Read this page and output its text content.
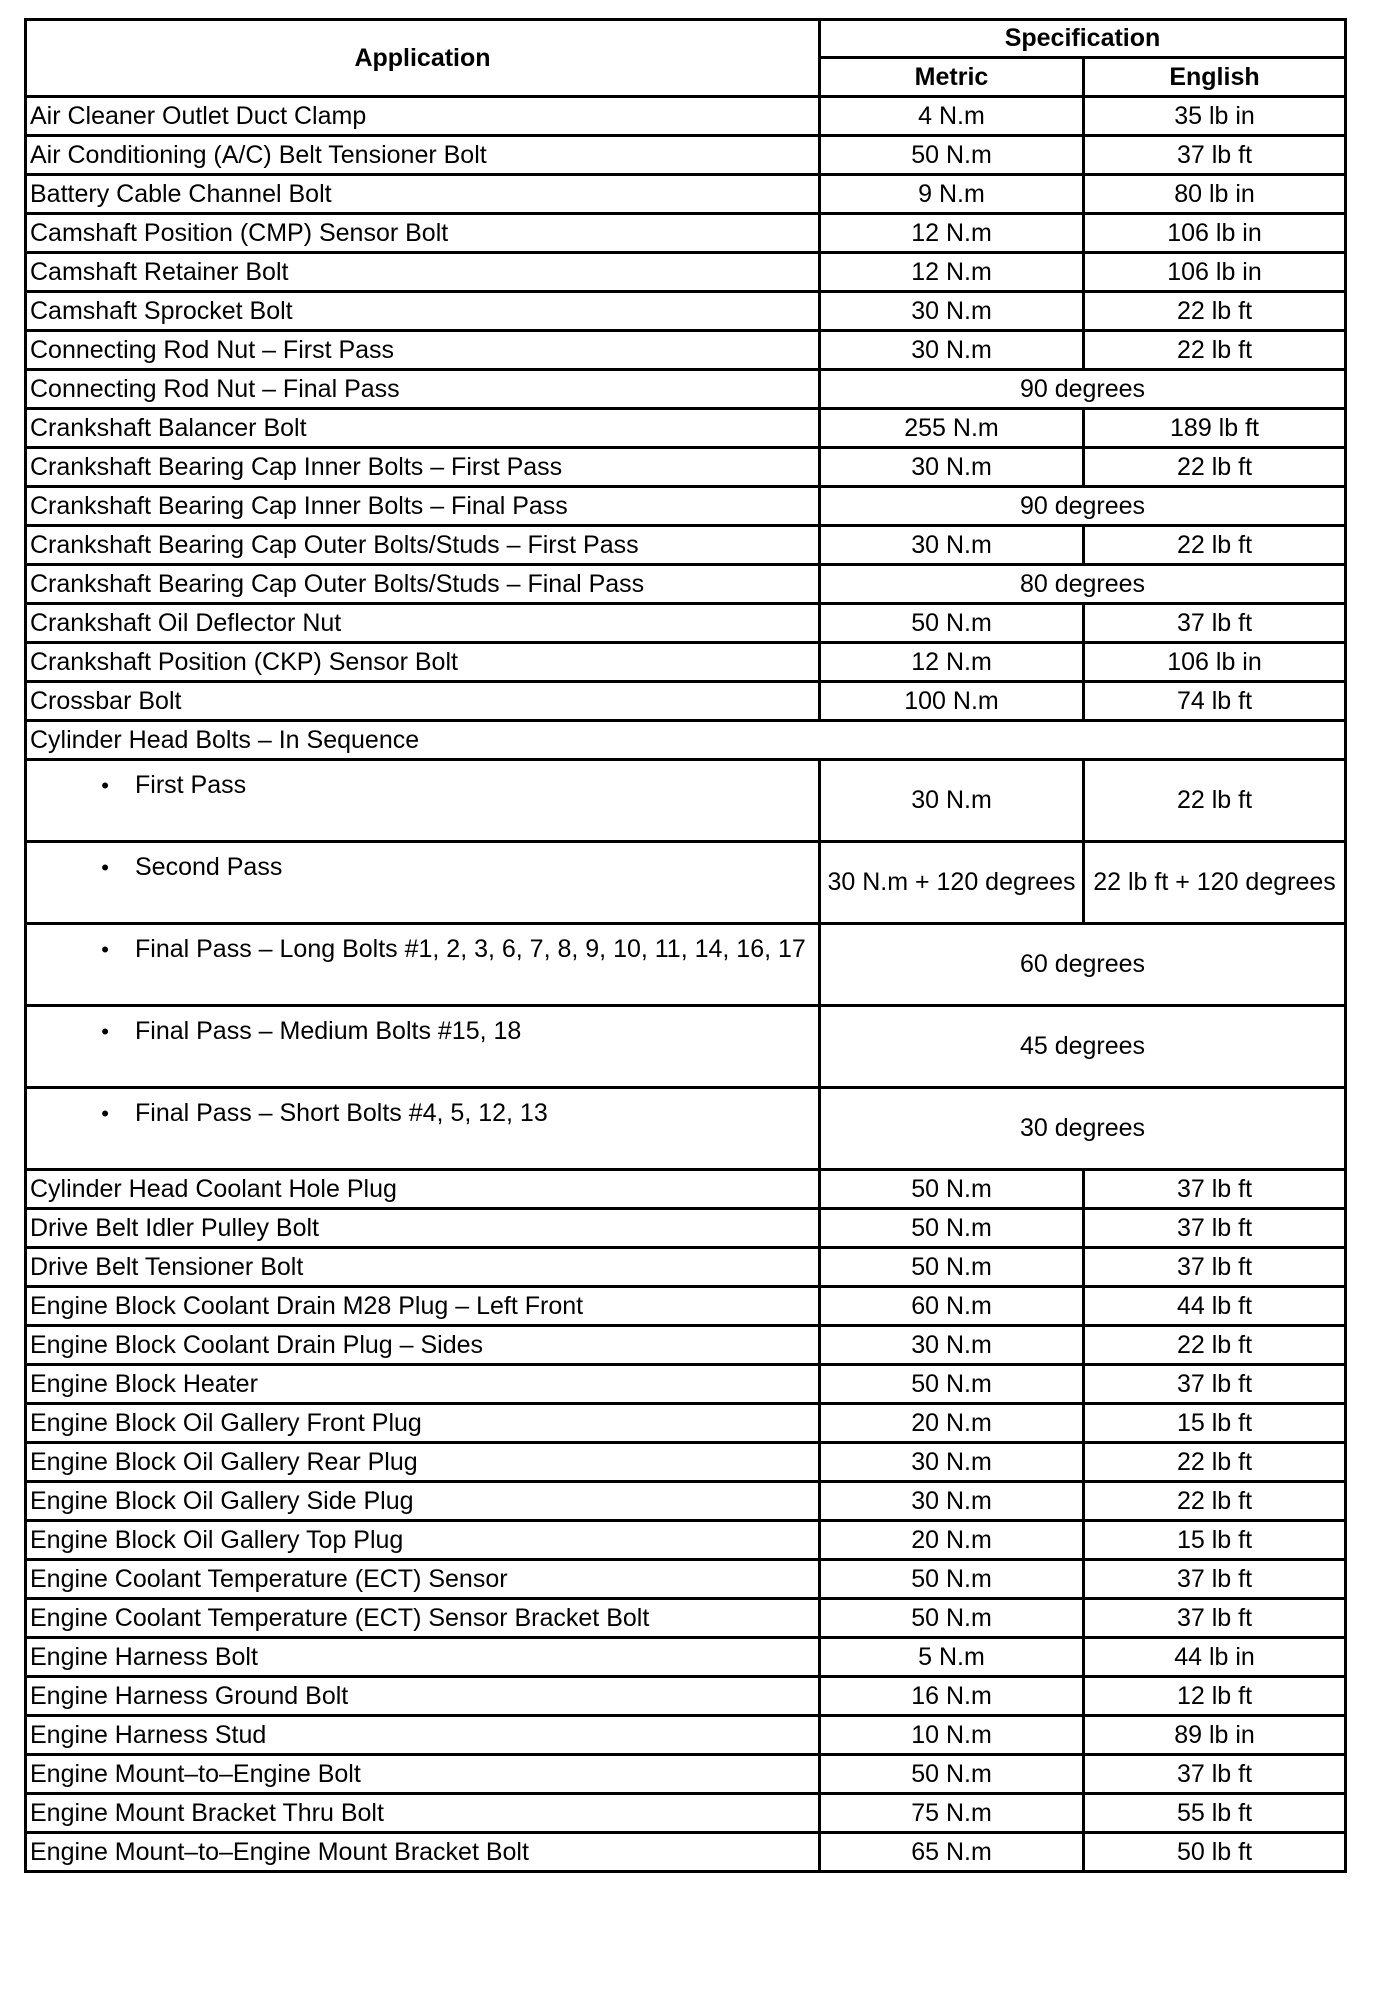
Application	Specification	
	Metric	English
Air Cleaner Outlet Duct Clamp	4 N.m	35 lb in
Air Conditioning (A/C) Belt Tensioner Bolt	50 N.m	37 lb ft
Battery Cable Channel Bolt	9 N.m	80 lb in
Camshaft Position (CMP) Sensor Bolt	12 N.m	106 lb in
Camshaft Retainer Bolt	12 N.m	106 lb in
Camshaft Sprocket Bolt	30 N.m	22 lb ft
Connecting Rod Nut – First Pass	30 N.m	22 lb ft
Connecting Rod Nut – Final Pass	90 degrees	
Crankshaft Balancer Bolt	255 N.m	189 lb ft
Crankshaft Bearing Cap Inner Bolts – First Pass	30 N.m	22 lb ft
Crankshaft Bearing Cap Inner Bolts – Final Pass	90 degrees	
Crankshaft Bearing Cap Outer Bolts/Studs – First Pass	30 N.m	22 lb ft
Crankshaft Bearing Cap Outer Bolts/Studs – Final Pass	80 degrees	
Crankshaft Oil Deflector Nut	50 N.m	37 lb ft
Crankshaft Position (CKP) Sensor Bolt	12 N.m	106 lb in
Crossbar Bolt	100 N.m	74 lb ft
Cylinder Head Bolts – In Sequence		

• First Pass	30 N.m	22 lb ft

• Second Pass	30 N.m + 120 degrees	22 lb ft + 120 degrees

• Final Pass – Long Bolts #1, 2, 3, 6, 7, 8, 9, 10, 11, 14, 16, 17	60 degrees	

• Final Pass – Medium Bolts #15, 18	45 degrees	

• Final Pass – Short Bolts #4, 5, 12, 13	30 degrees	
Cylinder Head Coolant Hole Plug	50 N.m	37 lb ft
Drive Belt Idler Pulley Bolt	50 N.m	37 lb ft
Drive Belt Tensioner Bolt	50 N.m	37 lb ft
Engine Block Coolant Drain M28 Plug – Left Front	60 N.m	44 lb ft
Engine Block Coolant Drain Plug – Sides	30 N.m	22 lb ft
Engine Block Heater	50 N.m	37 lb ft
Engine Block Oil Gallery Front Plug	20 N.m	15 lb ft
Engine Block Oil Gallery Rear Plug	30 N.m	22 lb ft
Engine Block Oil Gallery Side Plug	30 N.m	22 lb ft
Engine Block Oil Gallery Top Plug	20 N.m	15 lb ft
Engine Coolant Temperature (ECT) Sensor	50 N.m	37 lb ft
Engine Coolant Temperature (ECT) Sensor Bracket Bolt	50 N.m	37 lb ft
Engine Harness Bolt	5 N.m	44 lb in
Engine Harness Ground Bolt	16 N.m	12 lb ft
Engine Harness Stud	10 N.m	89 lb in
Engine Mount–to–Engine Bolt	50 N.m	37 lb ft
Engine Mount Bracket Thru Bolt	75 N.m	55 lb ft
Engine Mount–to–Engine Mount Bracket Bolt	65 N.m	50 lb ft
